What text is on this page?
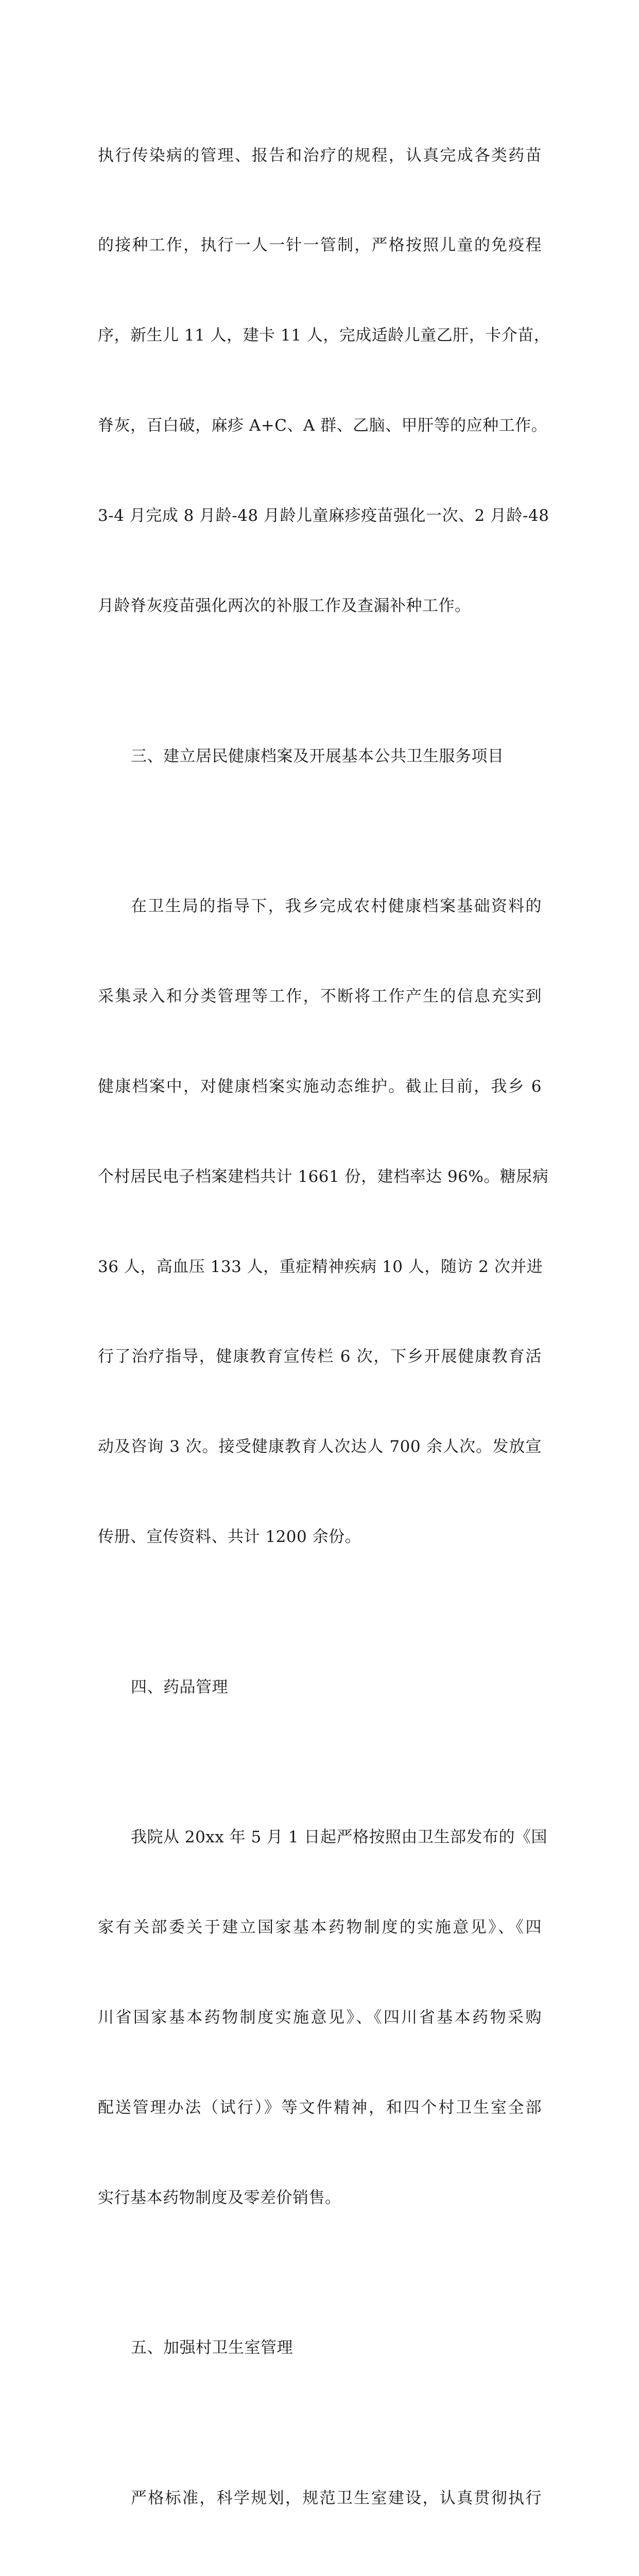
执行传染病的管理、报告和治疗的规程，认真完成各类药苗

的接种工作，执行一人一针一管制，严格按照儿童的免疫程

序，新生儿 11 人，建卡 11 人，完成适龄儿童乙肝，卡介苗，

脊灰，百白破，麻疹 A+C、A 群、乙脑、甲肝等的应种工作。

3-4 月完成 8 月龄-48 月龄儿童麻疹疫苗强化一次、2 月龄-48

月龄脊灰疫苗强化两次的补服工作及查漏补种工作。

三、建立居民健康档案及开展基本公共卫生服务项目

在卫生局的指导下，我乡完成农村健康档案基础资料的

采集录入和分类管理等工作，不断将工作产生的信息充实到

健康档案中，对健康档案实施动态维护。截止目前，我乡 6

个村居民电子档案建档共计 1661 份，建档率达 96%。糖尿病

36 人，高血压 133 人，重症精神疾病 10 人，随访 2 次并进

行了治疗指导，健康教育宣传栏 6 次，下乡开展健康教育活

动及咨询 3 次。接受健康教育人次达人 700 余人次。发放宣

传册、宣传资料、共计 1200 余份。

四、药品管理

我院从 20xx 年 5 月 1 日起严格按照由卫生部发布的《国

家有关部委关于建立国家基本药物制度的实施意见》、《四

川省国家基本药物制度实施意见》、《四川省基本药物采购

配送管理办法（试行）》等文件精神，和四个村卫生室全部

实行基本药物制度及零差价销售。

五、加强村卫生室管理

严格标准，科学规划，规范卫生室建设，认真贯彻执行
